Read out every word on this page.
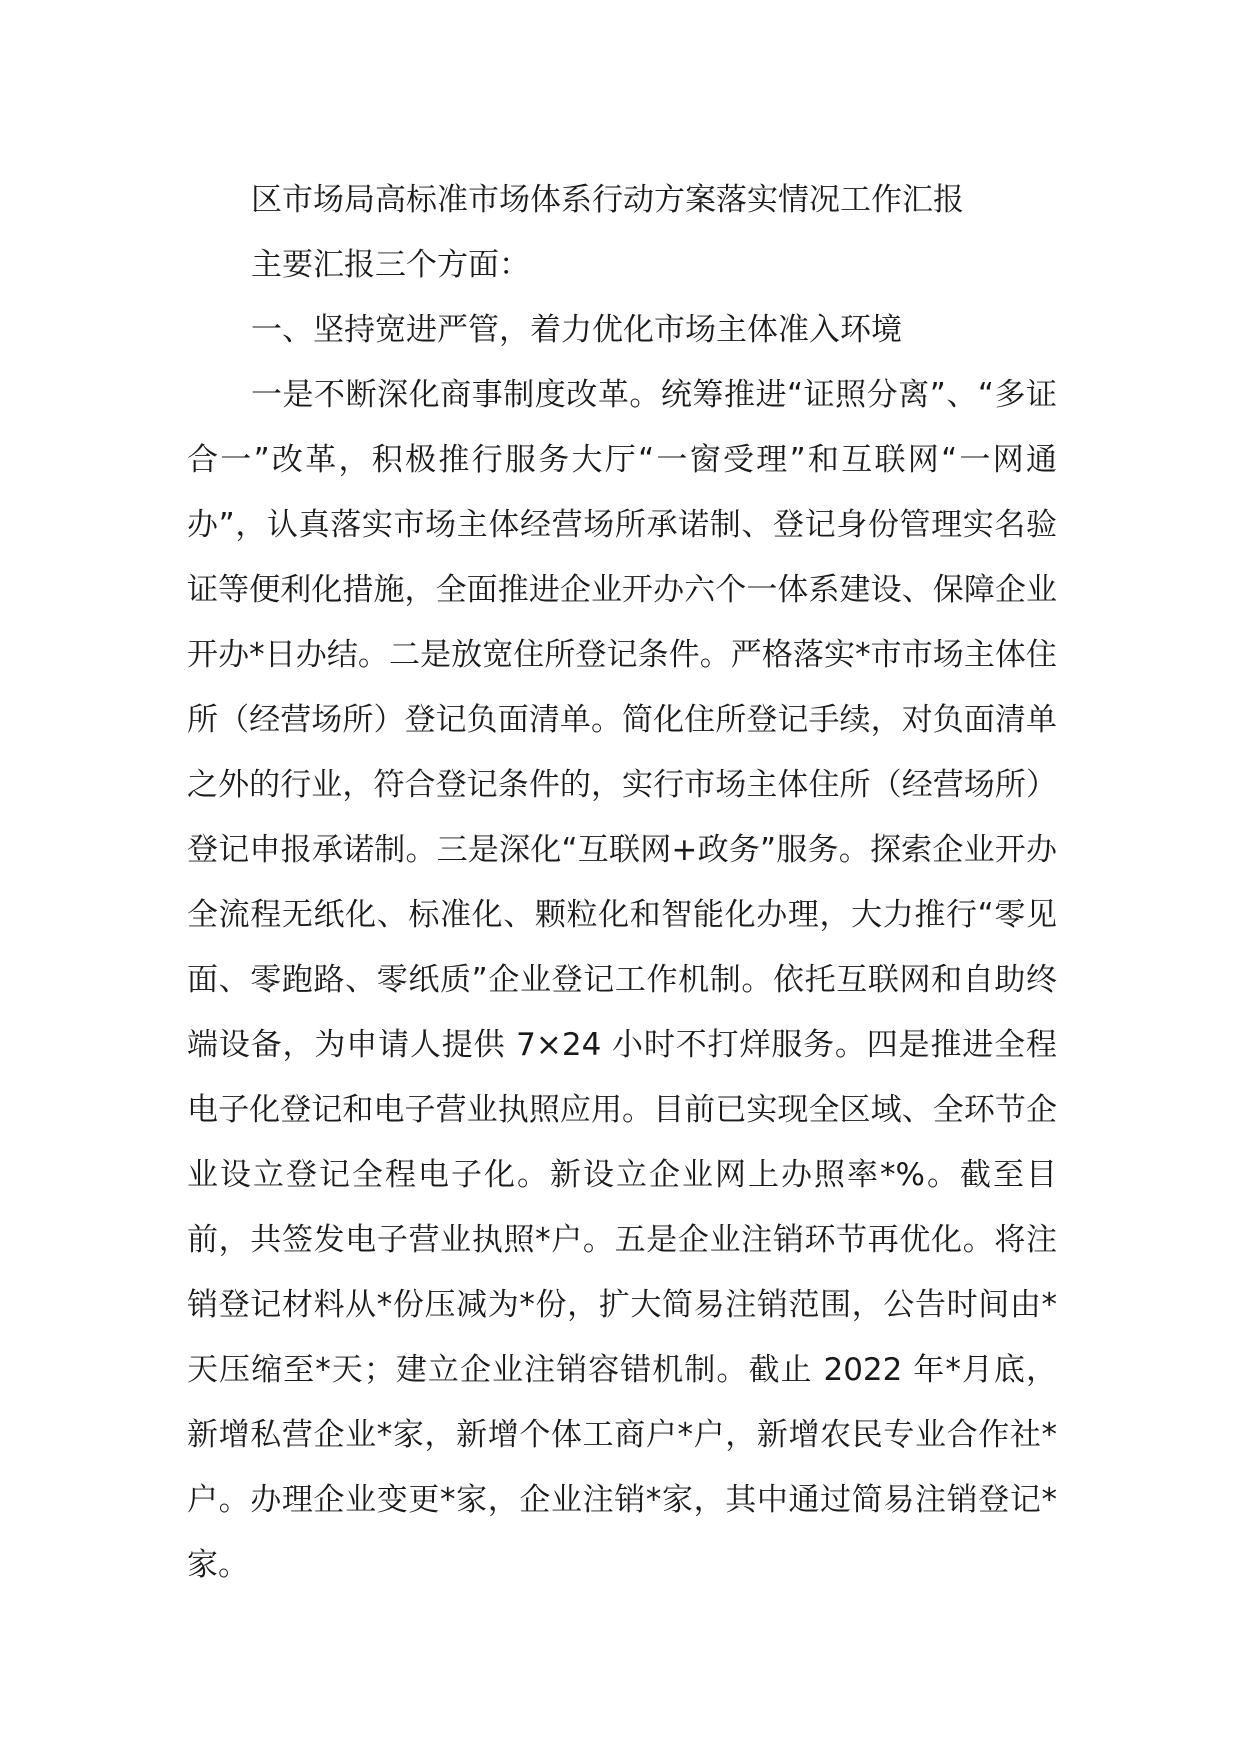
区市场局高标准市场体系行动方案落实情况工作汇报

主要汇报三个方面：

一、坚持宽进严管，着力优化市场主体准入环境

一是不断深化商事制度改革。统筹推进“证照分离”、“多证合一”改革，积极推行服务大厅“一窗受理”和互联网“一网通办”，认真落实市场主体经营场所承诺制、登记身份管理实名验证等便利化措施，全面推进企业开办六个一体系建设、保障企业开办*日办结。二是放宽住所登记条件。严格落实*市市场主体住所（经营场所）登记负面清单。简化住所登记手续，对负面清单之外的行业，符合登记条件的，实行市场主体住所（经营场所）登记申报承诺制。三是深化“互联网+政务”服务。探索企业开办全流程无纸化、标准化、颗粒化和智能化办理，大力推行“零见面、零跑路、零纸质”企业登记工作机制。依托互联网和自助终端设备，为申请人提供 7×24 小时不打烊服务。四是推进全程电子化登记和电子营业执照应用。目前已实现全区域、全环节企业设立登记全程电子化。新设立企业网上办照率*%。截至目前，共签发电子营业执照*户。五是企业注销环节再优化。将注销登记材料从*份压减为*份，扩大简易注销范围，公告时间由*天压缩至*天；建立企业注销容错机制。截止 2022 年*月底，新增私营企业*家，新增个体工商户*户，新增农民专业合作社*户。办理企业变更*家，企业注销*家，其中通过简易注销登记*家。
